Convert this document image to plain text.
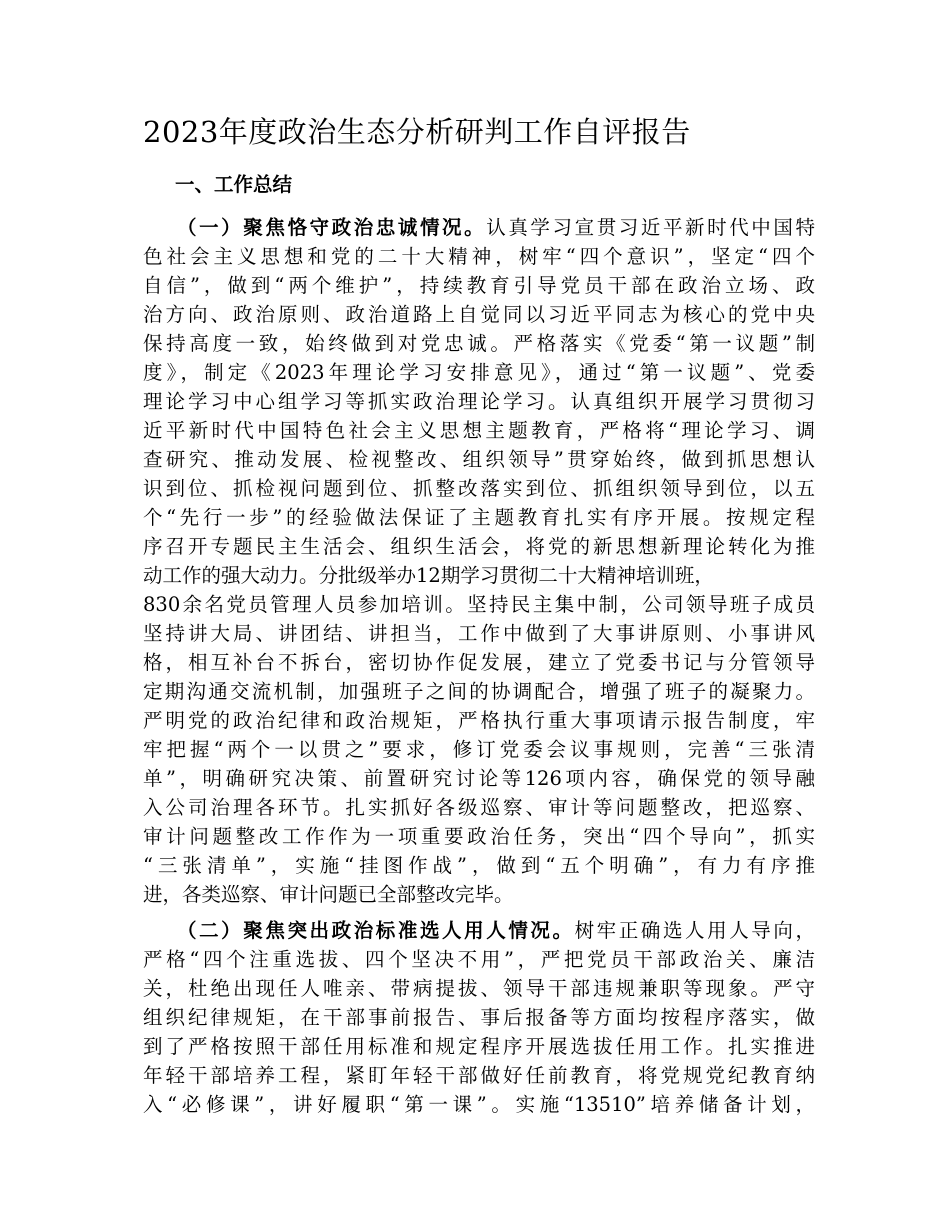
2023年度政治生态分析研判工作自评报告
一、工作总结
（一）聚焦恪守政治忠诚情况。认真学习宣贯习近平新时代中国特
色社会主义思想和党的二十大精神，树牢“四个意识”，坚定“四个
自信”，做到“两个维护”，持续教育引导党员干部在政治立场、政
治方向、政治原则、政治道路上自觉同以习近平同志为核心的党中央
保持高度一致，始终做到对党忠诚。严格落实《党委“第一议题”制
度》，制定《2023年理论学习安排意见》，通过“第一议题”、党委
理论学习中心组学习等抓实政治理论学习。认真组织开展学习贯彻习
近平新时代中国特色社会主义思想主题教育，严格将“理论学习、调
查研究、推动发展、检视整改、组织领导”贯穿始终，做到抓思想认
识到位、抓检视问题到位、抓整改落实到位、抓组织领导到位，以五
个“先行一步”的经验做法保证了主题教育扎实有序开展。按规定程
序召开专题民主生活会、组织生活会，将党的新思想新理论转化为推
动工作的强大动力。分批级举办12期学习贯彻二十大精神培训班，
830余名党员管理人员参加培训。坚持民主集中制，公司领导班子成员
坚持讲大局、讲团结、讲担当，工作中做到了大事讲原则、小事讲风
格，相互补台不拆台，密切协作促发展，建立了党委书记与分管领导
定期沟通交流机制，加强班子之间的协调配合，增强了班子的凝聚力。
严明党的政治纪律和政治规矩，严格执行重大事项请示报告制度，牢
牢把握“两个一以贯之”要求，修订党委会议事规则，完善“三张清
单”，明确研究决策、前置研究讨论等126项内容，确保党的领导融
入公司治理各环节。扎实抓好各级巡察、审计等问题整改，把巡察、
审计问题整改工作作为一项重要政治任务，突出“四个导向”，抓实
“三张清单”，实施“挂图作战”，做到“五个明确”，有力有序推
进，各类巡察、审计问题已全部整改完毕。
（二）聚焦突出政治标准选人用人情况。树牢正确选人用人导向，
严格“四个注重选拔、四个坚决不用”，严把党员干部政治关、廉洁
关，杜绝出现任人唯亲、带病提拔、领导干部违规兼职等现象。严守
组织纪律规矩，在干部事前报告、事后报备等方面均按程序落实，做
到了严格按照干部任用标准和规定程序开展选拔任用工作。扎实推进
年轻干部培养工程，紧盯年轻干部做好任前教育，将党规党纪教育纳
入“必修课”，讲好履职“第一课”。实施“13510”培养储备计划，
